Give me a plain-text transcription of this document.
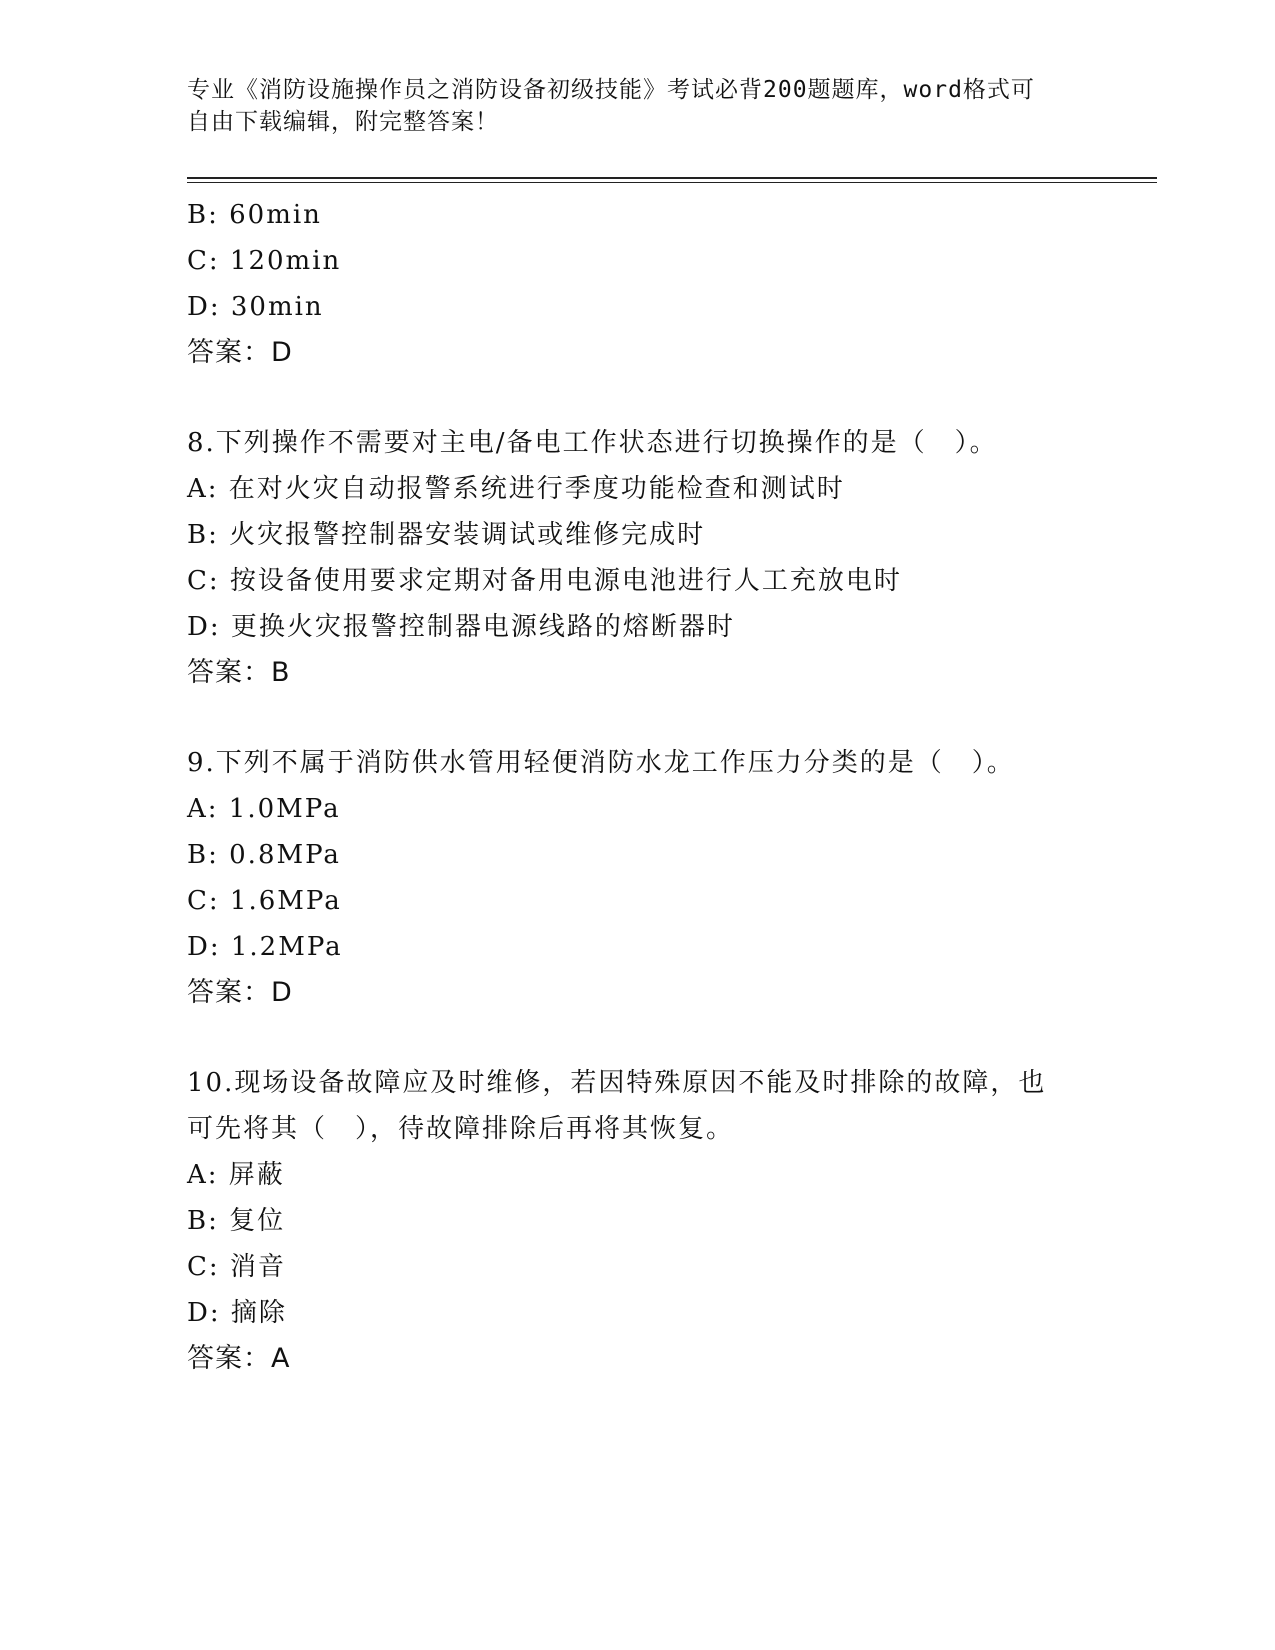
专业《消防设施操作员之消防设备初级技能》考试必背200题题库，word格式可
自由下载编辑，附完整答案！
B: 60min
C: 120min
D: 30min
答案：D
8.下列操作不需要对主电/备电工作状态进行切换操作的是（　）。
A: 在对火灾自动报警系统进行季度功能检查和测试时
B: 火灾报警控制器安装调试或维修完成时
C: 按设备使用要求定期对备用电源电池进行人工充放电时
D: 更换火灾报警控制器电源线路的熔断器时
答案：B
9.下列不属于消防供水管用轻便消防水龙工作压力分类的是（　）。
A: 1.0MPa
B: 0.8MPa
C: 1.6MPa
D: 1.2MPa
答案：D
10.现场设备故障应及时维修，若因特殊原因不能及时排除的故障，也
可先将其（　），待故障排除后再将其恢复。
A: 屏蔽
B: 复位
C: 消音
D: 摘除
答案：A
